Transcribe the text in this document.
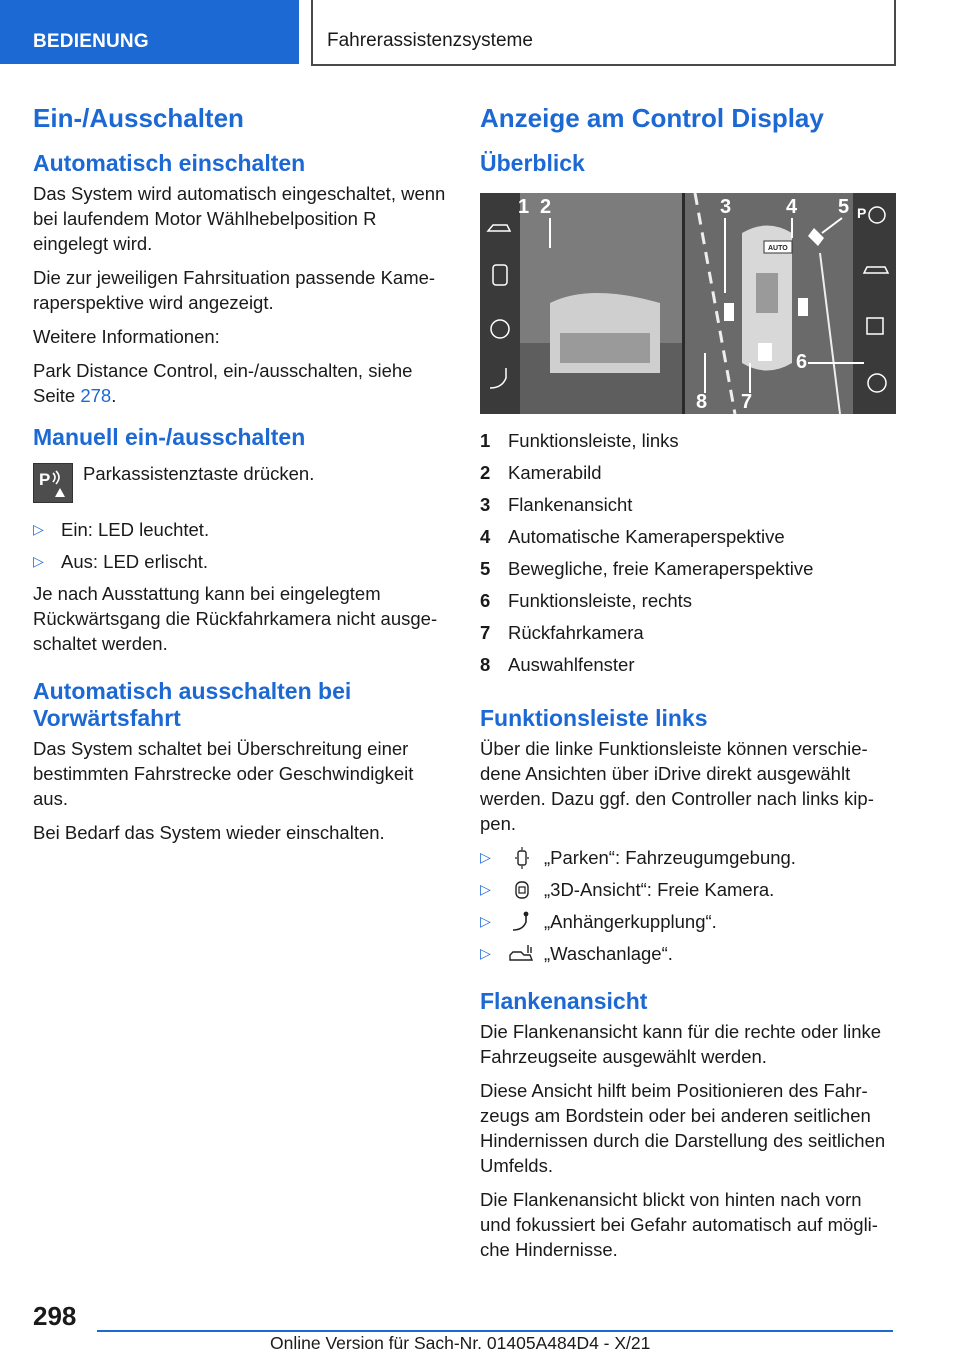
BEDIENUNG	Fahrerassistenzsysteme
Ein-/Ausschalten
Automatisch einschalten

Das System wird automatisch eingeschaltet, wenn bei laufendem Motor Wählhebelposition R eingelegt wird.

Die zur jeweiligen Fahrsituation passende Kameraperspektive wird angezeigt.

Weitere Informationen:

Park Distance Control, ein-/ausschalten, siehe Seite 278.

Manuell ein-/ausschalten
P Parkassistenztaste drücken.

▷ Ein: LED leuchtet.
▷ Aus: LED erlischt.

Je nach Ausstattung kann bei eingelegtem Rückwärtsgang die Rückfahrkamera nicht ausgeschaltet werden.

Automatisch ausschalten bei Vorwärtsfahrt

Das System schaltet bei Überschreitung einer bestimmten Fahrstrecke oder Geschwindigkeit aus.

Bei Bedarf das System wieder einschalten.

Anzeige am Control Display
Überblick
AUTO
P
1 2	3	4 5
6
7
8
1 Funktionsleiste, links
2 Kamerabild
3 Flankenansicht
4 Automatische Kameraperspektive
5 Bewegliche, freie Kameraperspektive
6 Funktionsleiste, rechts
7 Rückfahrkamera
8 Auswahlfenster
Funktionsleiste links

Über die linke Funktionsleiste können verschiedene Ansichten über iDrive direkt ausgewählt werden. Dazu ggf. den Controller nach links kippen.

▷	„Parken“: Fahrzeugumgebung.
▷	„3D-Ansicht“: Freie Kamera.
▷	„Anhängerkupplung“.
▷	„Waschanlage“.
Flankenansicht

Die Flankenansicht kann für die rechte oder linke Fahrzeugseite ausgewählt werden.

Diese Ansicht hilft beim Positionieren des Fahrzeugs am Bordstein oder bei anderen seitlichen Hindernissen durch die Darstellung des seitlichen Umfelds.

Die Flankenansicht blickt von hinten nach vorn und fokussiert bei Gefahr automatisch auf mögliche Hindernisse.

298
Online Version für Sach-Nr. 01405A484D4 - X/21
